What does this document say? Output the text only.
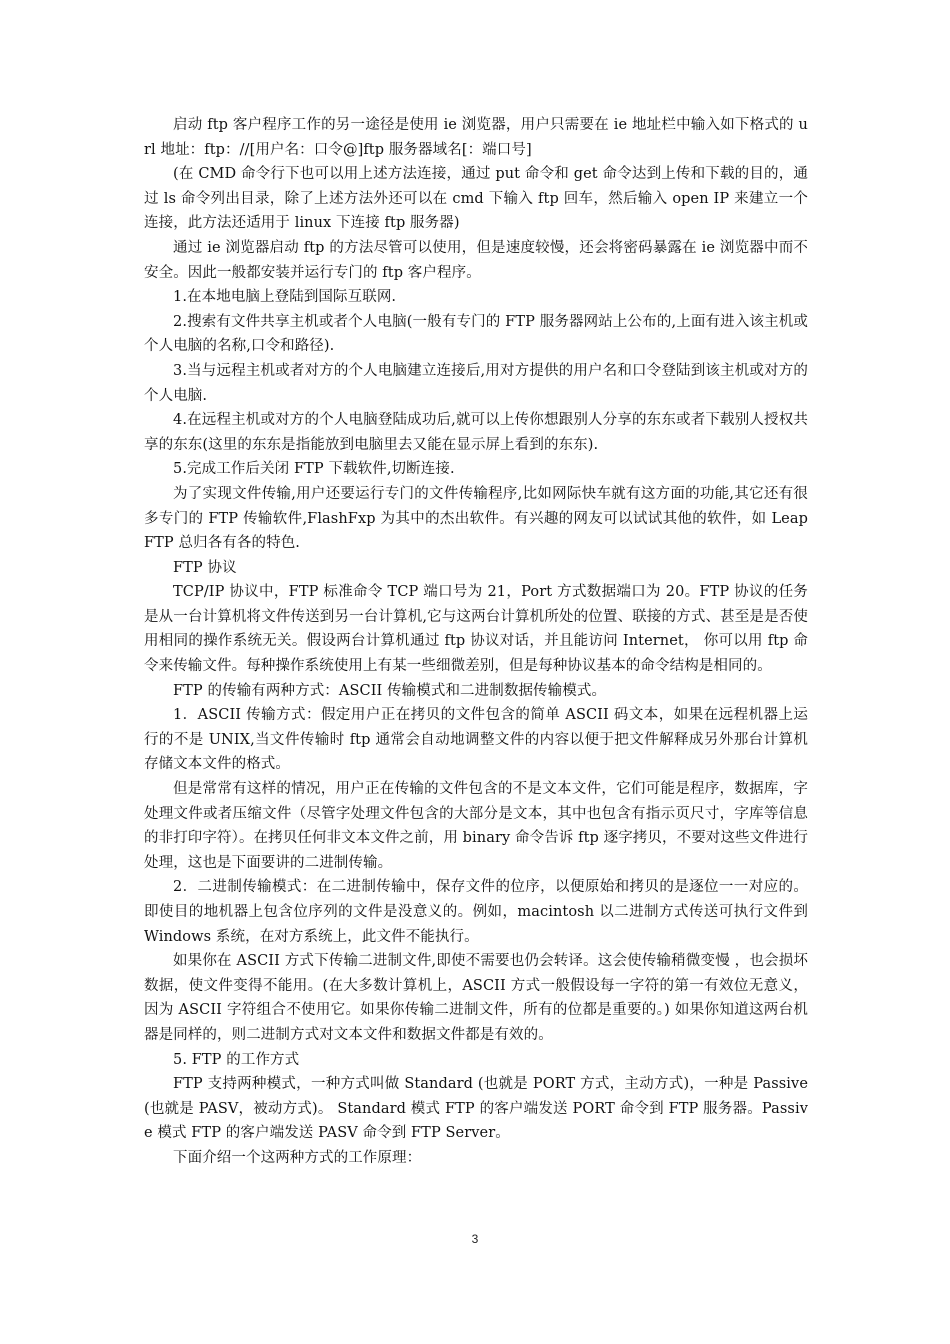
启动 ftp 客户程序工作的另一途径是使用 ie 浏览器，用户只需要在 ie 地址栏中输入如下格式的 url 地址：ftp：//[用户名：口令@]ftp 服务器域名[：端口号]

(在 CMD 命令行下也可以用上述方法连接，通过 put 命令和 get 命令达到上传和下载的目的，通过 ls 命令列出目录，除了上述方法外还可以在 cmd 下输入 ftp 回车，然后输入 open IP 来建立一个连接，此方法还适用于 linux 下连接 ftp 服务器)

通过 ie 浏览器启动 ftp 的方法尽管可以使用，但是速度较慢，还会将密码暴露在 ie 浏览器中而不安全。因此一般都安装并运行专门的 ftp 客户程序。

1.在本地电脑上登陆到国际互联网.

2.搜索有文件共享主机或者个人电脑(一般有专门的 FTP 服务器网站上公布的,上面有进入该主机或个人电脑的名称,口令和路径).

3.当与远程主机或者对方的个人电脑建立连接后,用对方提供的用户名和口令登陆到该主机或对方的个人电脑.

4.在远程主机或对方的个人电脑登陆成功后,就可以上传你想跟别人分享的东东或者下载别人授权共享的东东(这里的东东是指能放到电脑里去又能在显示屏上看到的东东).

5.完成工作后关闭 FTP 下载软件,切断连接.

为了实现文件传输,用户还要运行专门的文件传输程序,比如网际快车就有这方面的功能,其它还有很多专门的 FTP 传输软件,FlashFxp 为其中的杰出软件。有兴趣的网友可以试试其他的软件，如 LeapFTP 总归各有各的特色.

FTP 协议

TCP/IP 协议中，FTP 标准命令 TCP 端口号为 21，Port 方式数据端口为 20。FTP 协议的任务是从一台计算机将文件传送到另一台计算机,它与这两台计算机所处的位置、联接的方式、甚至是是否使用相同的操作系统无关。假设两台计算机通过 ftp 协议对话，并且能访问 Internet， 你可以用 ftp 命令来传输文件。每种操作系统使用上有某一些细微差别，但是每种协议基本的命令结构是相同的。

FTP 的传输有两种方式：ASCII 传输模式和二进制数据传输模式。

1．ASCII 传输方式：假定用户正在拷贝的文件包含的简单 ASCII 码文本，如果在远程机器上运行的不是 UNIX,当文件传输时 ftp 通常会自动地调整文件的内容以便于把文件解释成另外那台计算机存储文本文件的格式。

但是常常有这样的情况，用户正在传输的文件包含的不是文本文件，它们可能是程序，数据库，字处理文件或者压缩文件（尽管字处理文件包含的大部分是文本，其中也包含有指示页尺寸，字库等信息的非打印字符）。在拷贝任何非文本文件之前，用 binary 命令告诉 ftp 逐字拷贝，不要对这些文件进行处理，这也是下面要讲的二进制传输。

2．二进制传输模式：在二进制传输中，保存文件的位序，以便原始和拷贝的是逐位一一对应的。即使目的地机器上包含位序列的文件是没意义的。例如，macintosh 以二进制方式传送可执行文件到 Windows 系统，在对方系统上，此文件不能执行。

如果你在 ASCII 方式下传输二进制文件,即使不需要也仍会转译。这会使传输稍微变慢 ，也会损坏数据，使文件变得不能用。(在大多数计算机上，ASCII 方式一般假设每一字符的第一有效位无意义，因为 ASCII 字符组合不使用它。如果你传输二进制文件，所有的位都是重要的。) 如果你知道这两台机器是同样的，则二进制方式对文本文件和数据文件都是有效的。

5. FTP 的工作方式

FTP 支持两种模式，一种方式叫做 Standard (也就是 PORT 方式，主动方式)，一种是 Passive (也就是 PASV，被动方式)。 Standard 模式 FTP 的客户端发送 PORT 命令到 FTP 服务器。Passive 模式 FTP 的客户端发送 PASV 命令到 FTP Server。

下面介绍一个这两种方式的工作原理：

3
